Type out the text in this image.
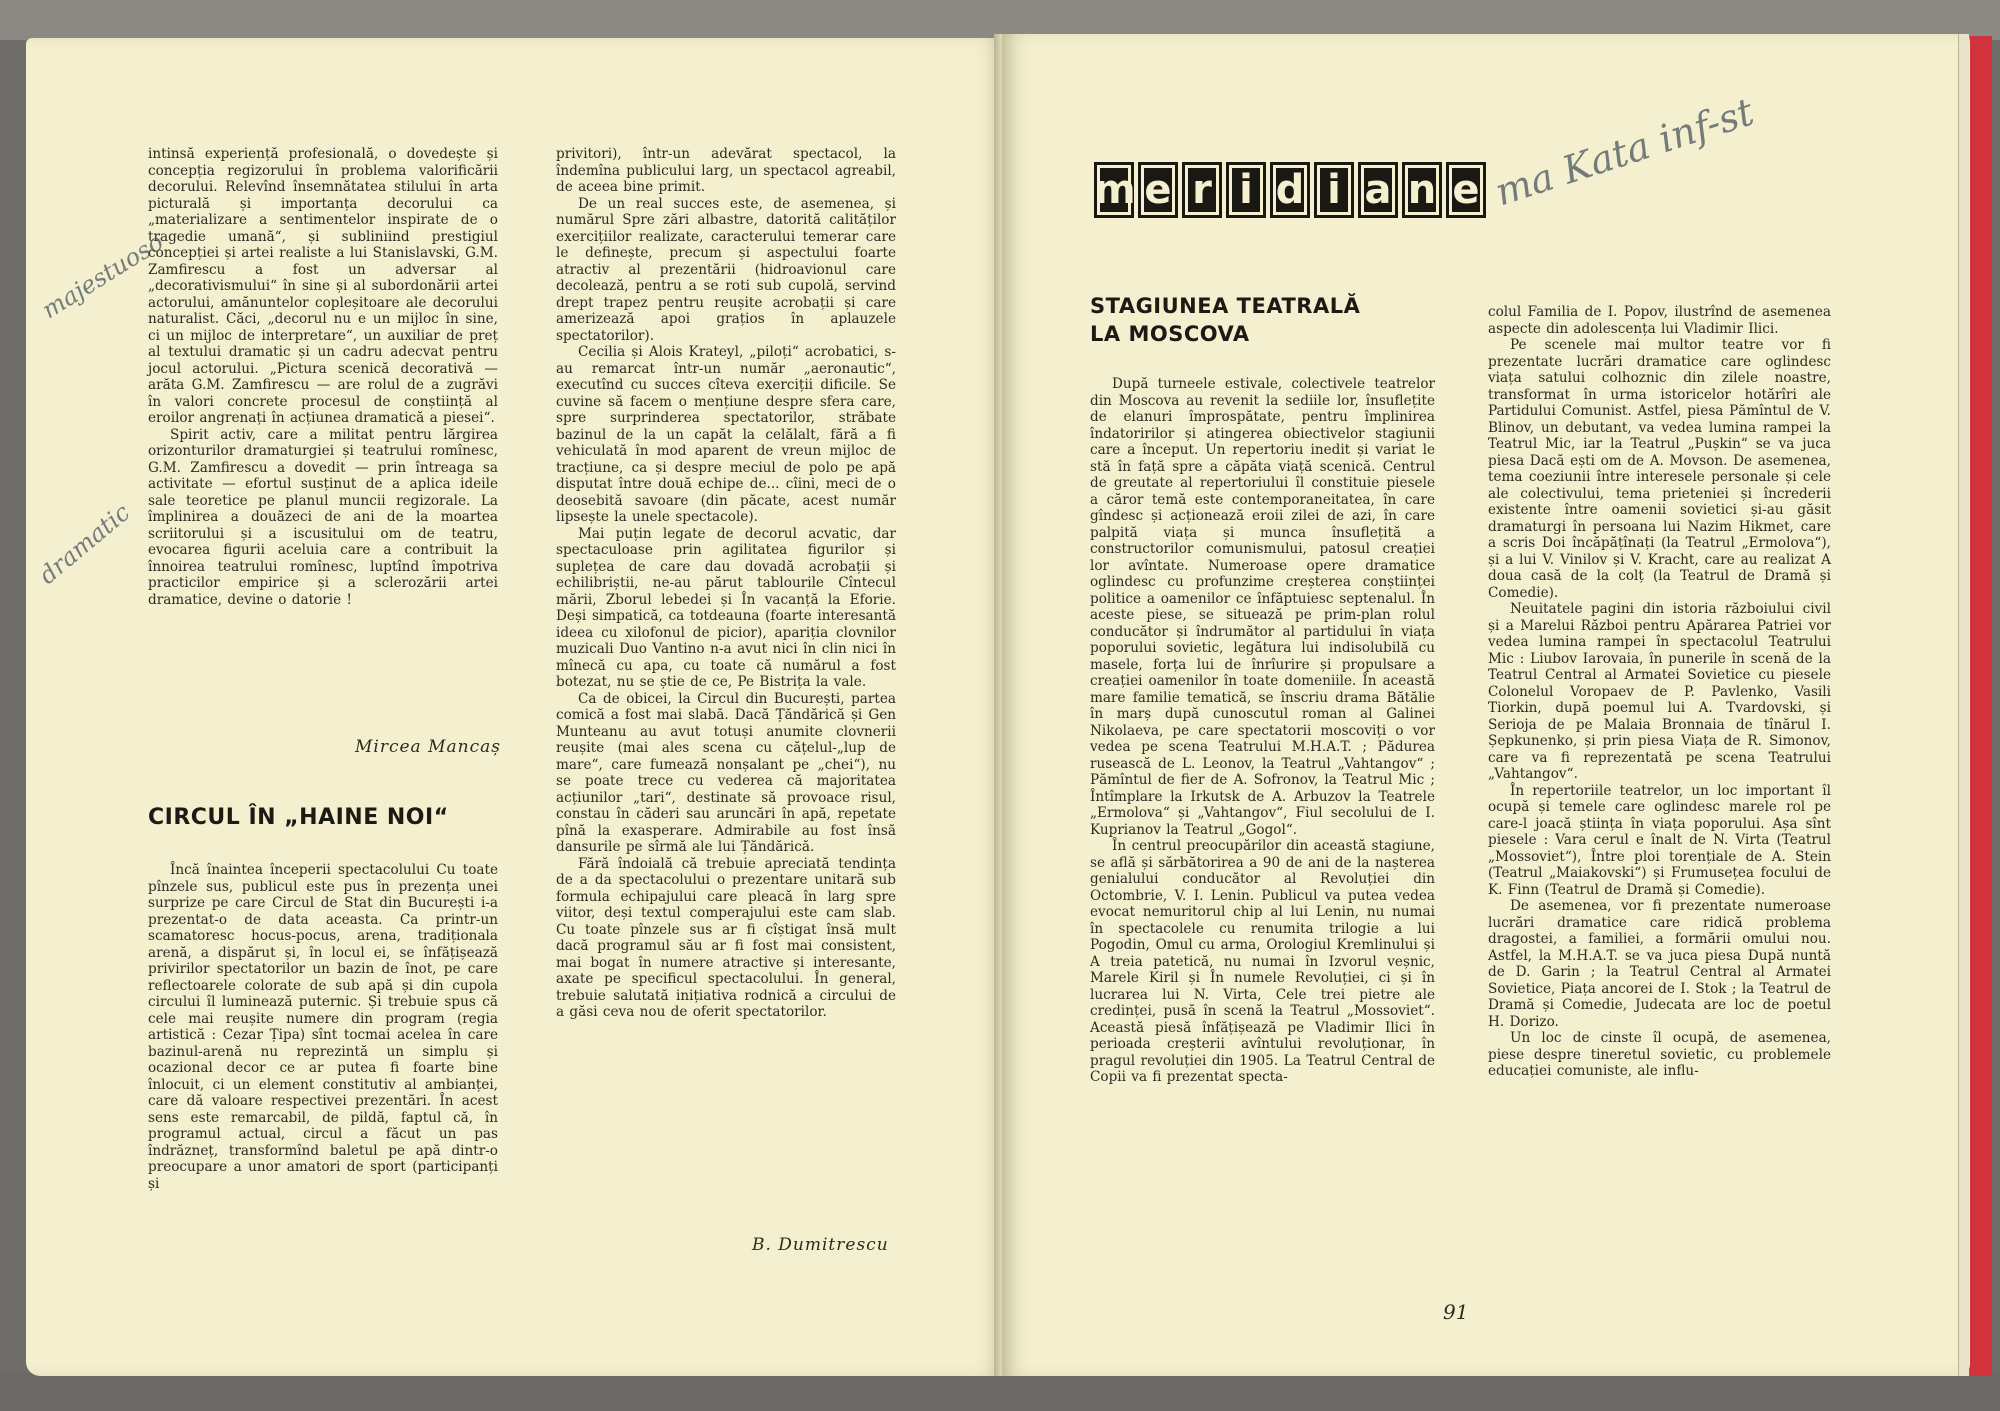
intinsă experiență profesională, o dovedește și concepția regizorului în problema valorificării decorului. Relevînd însemnătatea stilului în arta picturală și importanța decorului ca „materializare a sentimentelor inspirate de o tragedie umană“, și subliniind prestigiul concepției și artei realiste a lui Stanislavski, G.M. Zamfirescu a fost un adversar al „decorativismului“ în sine și al subordonării artei actorului, amănuntelor copleșitoare ale decorului naturalist. Căci, „decorul nu e un mijloc în sine, ci un mijloc de interpretare“, un auxiliar de preț al textului dramatic și un cadru adecvat pentru jocul actorului. „Pictura scenică decorativă — arăta G.M. Zamfirescu — are rolul de a zugrăvi în valori concrete procesul de conștiință al eroilor angrenați în acțiunea dramatică a piesei“.

Spirit activ, care a militat pentru lărgirea orizonturilor dramaturgiei și teatrului romînesc, G.M. Zamfirescu a dovedit — prin întreaga sa activitate — efortul susținut de a aplica ideile sale teoretice pe planul muncii regizorale. La împlinirea a douăzeci de ani de la moartea scriitorului și a iscusitului om de teatru, evocarea figurii aceluia care a contribuit la înnoirea teatrului romînesc, luptînd împotriva practicilor empirice și a sclerozării artei dramatice, devine o datorie !

Mircea Mancaș
CIRCUL ÎN „HAINE NOI“

Încă înaintea începerii spectacolului Cu toate pînzele sus, publicul este pus în prezența unei surprize pe care Circul de Stat din București i-a prezentat-o de data aceasta. Ca printr-un scamatoresc hocus-pocus, arena, tradiționala arenă, a dispărut și, în locul ei, se înfățișează privirilor spectatorilor un bazin de înot, pe care reflectoarele colorate de sub apă și din cupola circului îl luminează puternic. Și trebuie spus că cele mai reușite numere din program (regia artistică : Cezar Țipa) sînt tocmai acelea în care bazinul-arenă nu reprezintă un simplu și ocazional decor ce ar putea fi foarte bine înlocuit, ci un element constitutiv al ambianței, care dă valoare respectivei prezentări. În acest sens este remarcabil, de pildă, faptul că, în programul actual, circul a făcut un pas îndrăzneț, transformînd baletul pe apă dintr-o preocupare a unor amatori de sport (participanți și

privitori), într-un adevărat spectacol, la îndemîna publicului larg, un spectacol agreabil, de aceea bine primit.

De un real succes este, de asemenea, și numărul Spre zări albastre, datorită calităților exercițiilor realizate, caracterului temerar care le definește, precum și aspectului foarte atractiv al prezentării (hidroavionul care decolează, pentru a se roti sub cupolă, servind drept trapez pentru reușite acrobații și care amerizează apoi grațios în aplauzele spectatorilor).

Cecilia și Alois Krateyl, „piloți“ acrobatici, s-au remarcat într-un număr „aeronautic“, executînd cu succes cîteva exerciții dificile. Se cuvine să facem o mențiune despre sfera care, spre surprinderea spectatorilor, străbate bazinul de la un capăt la celălalt, fără a fi vehiculată în mod aparent de vreun mijloc de tracțiune, ca și despre meciul de polo pe apă disputat între două echipe de... cîini, meci de o deosebită savoare (din păcate, acest număr lipsește la unele spectacole).

Mai puțin legate de decorul acvatic, dar spectaculoase prin agilitatea figurilor și suplețea de care dau dovadă acrobații și echilibriștii, ne-au părut tablourile Cîntecul mării, Zborul lebedei și În vacanță la Eforie. Deși simpatică, ca totdeauna (foarte interesantă ideea cu xilofonul de picior), apariția clovnilor muzicali Duo Vantino n-a avut nici în clin nici în mînecă cu apa, cu toate că numărul a fost botezat, nu se știe de ce, Pe Bistrița la vale.

Ca de obicei, la Circul din București, partea comică a fost mai slabă. Dacă Țăndărică și Gen Munteanu au avut totuși anumite clovnerii reușite (mai ales scena cu cățelul-„lup de mare“, care fumează nonșalant pe „chei“), nu se poate trece cu vederea că majoritatea acțiunilor „tari“, destinate să provoace risul, constau în căderi sau aruncări în apă, repetate pînă la exasperare. Admirabile au fost însă dansurile pe sîrmă ale lui Țăndărică.

Fără îndoială că trebuie apreciată tendința de a da spectacolului o prezentare unitară sub formula echipajului care pleacă în larg spre viitor, deși textul comperajului este cam slab. Cu toate pînzele sus ar fi cîștigat însă mult dacă programul său ar fi fost mai consistent, mai bogat în numere atractive și interesante, axate pe specificul spectacolului. În general, trebuie salutată inițiativa rodnică a circului de a găsi ceva nou de oferit spectatorilor.

B. Dumitrescu
majestuoso
dramatic
m e r i d i a n e ma Kata inf-st
STAGIUNEA TEATRALĂ
LA MOSCOVA

După turneele estivale, colectivele teatrelor din Moscova au revenit la sediile lor, însuflețite de elanuri împrospătate, pentru împlinirea îndatoririlor și atingerea obiectivelor stagiunii care a început. Un repertoriu inedit și variat le stă în față spre a căpăta viață scenică. Centrul de greutate al repertoriului îl constituie piesele a căror temă este contemporaneitatea, în care gîndesc și acționează eroii zilei de azi, în care palpită viața și munca însuflețită a constructorilor comunismului, patosul creației lor avîntate. Numeroase opere dramatice oglindesc cu profunzime creșterea conștiinței politice a oamenilor ce înfăptuiesc septenalul. În aceste piese, se situează pe prim-plan rolul conducător și îndrumător al partidului în viața poporului sovietic, legătura lui indisolubilă cu masele, forța lui de înrîurire și propulsare a creației oamenilor în toate domeniile. În această mare familie tematică, se înscriu drama Bătălie în marș după cunoscutul roman al Galinei Nikolaeva, pe care spectatorii moscoviți o vor vedea pe scena Teatrului M.H.A.T. ; Pădurea rusească de L. Leonov, la Teatrul „Vahtangov“ ; Pămîntul de fier de A. Sofronov, la Teatrul Mic ; Întîmplare la Irkutsk de A. Arbuzov la Teatrele „Ermolova“ și „Vahtangov“, Fiul secolului de I. Kuprianov la Teatrul „Gogol“.

În centrul preocupărilor din această stagiune, se află și sărbătorirea a 90 de ani de la nașterea genialului conducător al Revoluției din Octombrie, V. I. Lenin. Publicul va putea vedea evocat nemuritorul chip al lui Lenin, nu numai în spectacolele cu renumita trilogie a lui Pogodin, Omul cu arma, Orologiul Kremlinului și A treia patetică, nu numai în Izvorul veșnic, Marele Kiril și În numele Revoluției, ci și în lucrarea lui N. Virta, Cele trei pietre ale credinței, pusă în scenă la Teatrul „Mossoviet“. Această piesă înfățișează pe Vladimir Ilici în perioada creșterii avîntului revoluționar, în pragul revoluției din 1905. La Teatrul Central de Copii va fi prezentat specta-

colul Familia de I. Popov, ilustrînd de asemenea aspecte din adolescența lui Vladimir Ilici.

Pe scenele mai multor teatre vor fi prezentate lucrări dramatice care oglindesc viața satului colhoznic din zilele noastre, transformat în urma istoricelor hotărîri ale Partidului Comunist. Astfel, piesa Pămîntul de V. Blinov, un debutant, va vedea lumina rampei la Teatrul Mic, iar la Teatrul „Pușkin“ se va juca piesa Dacă ești om de A. Movson. De asemenea, tema coeziunii între interesele personale și cele ale colectivului, tema prieteniei și încrederii existente între oamenii sovietici și-au găsit dramaturgi în persoana lui Nazim Hikmet, care a scris Doi încăpățînați (la Teatrul „Ermolova“), și a lui V. Vinilov și V. Kracht, care au realizat A doua casă de la colț (la Teatrul de Dramă și Comedie).

Neuitatele pagini din istoria războiului civil și a Marelui Război pentru Apărarea Patriei vor vedea lumina rampei în spectacolul Teatrului Mic : Liubov Iarovaia, în punerile în scenă de la Teatrul Central al Armatei Sovietice cu piesele Colonelul Voropaev de P. Pavlenko, Vasili Tiorkin, după poemul lui A. Tvardovski, și Serioja de pe Malaia Bronnaia de tînărul I. Șepkunenko, și prin piesa Viața de R. Simonov, care va fi reprezentată pe scena Teatrului „Vahtangov“.

În repertoriile teatrelor, un loc important îl ocupă și temele care oglindesc marele rol pe care-l joacă știința în viața poporului. Așa sînt piesele : Vara cerul e înalt de N. Virta (Teatrul „Mossoviet“), Între ploi torențiale de A. Stein (Teatrul „Maiakovski“) și Frumusețea focului de K. Finn (Teatrul de Dramă și Comedie).

De asemenea, vor fi prezentate numeroase lucrări dramatice care ridică problema dragostei, a familiei, a formării omului nou. Astfel, la M.H.A.T. se va juca piesa După nuntă de D. Garin ; la Teatrul Central al Armatei Sovietice, Piața ancorei de I. Stok ; la Teatrul de Dramă și Comedie, Judecata are loc de poetul H. Dorizo.

Un loc de cinste îl ocupă, de asemenea, piese despre tineretul sovietic, cu problemele educației comuniste, ale influ-

91
